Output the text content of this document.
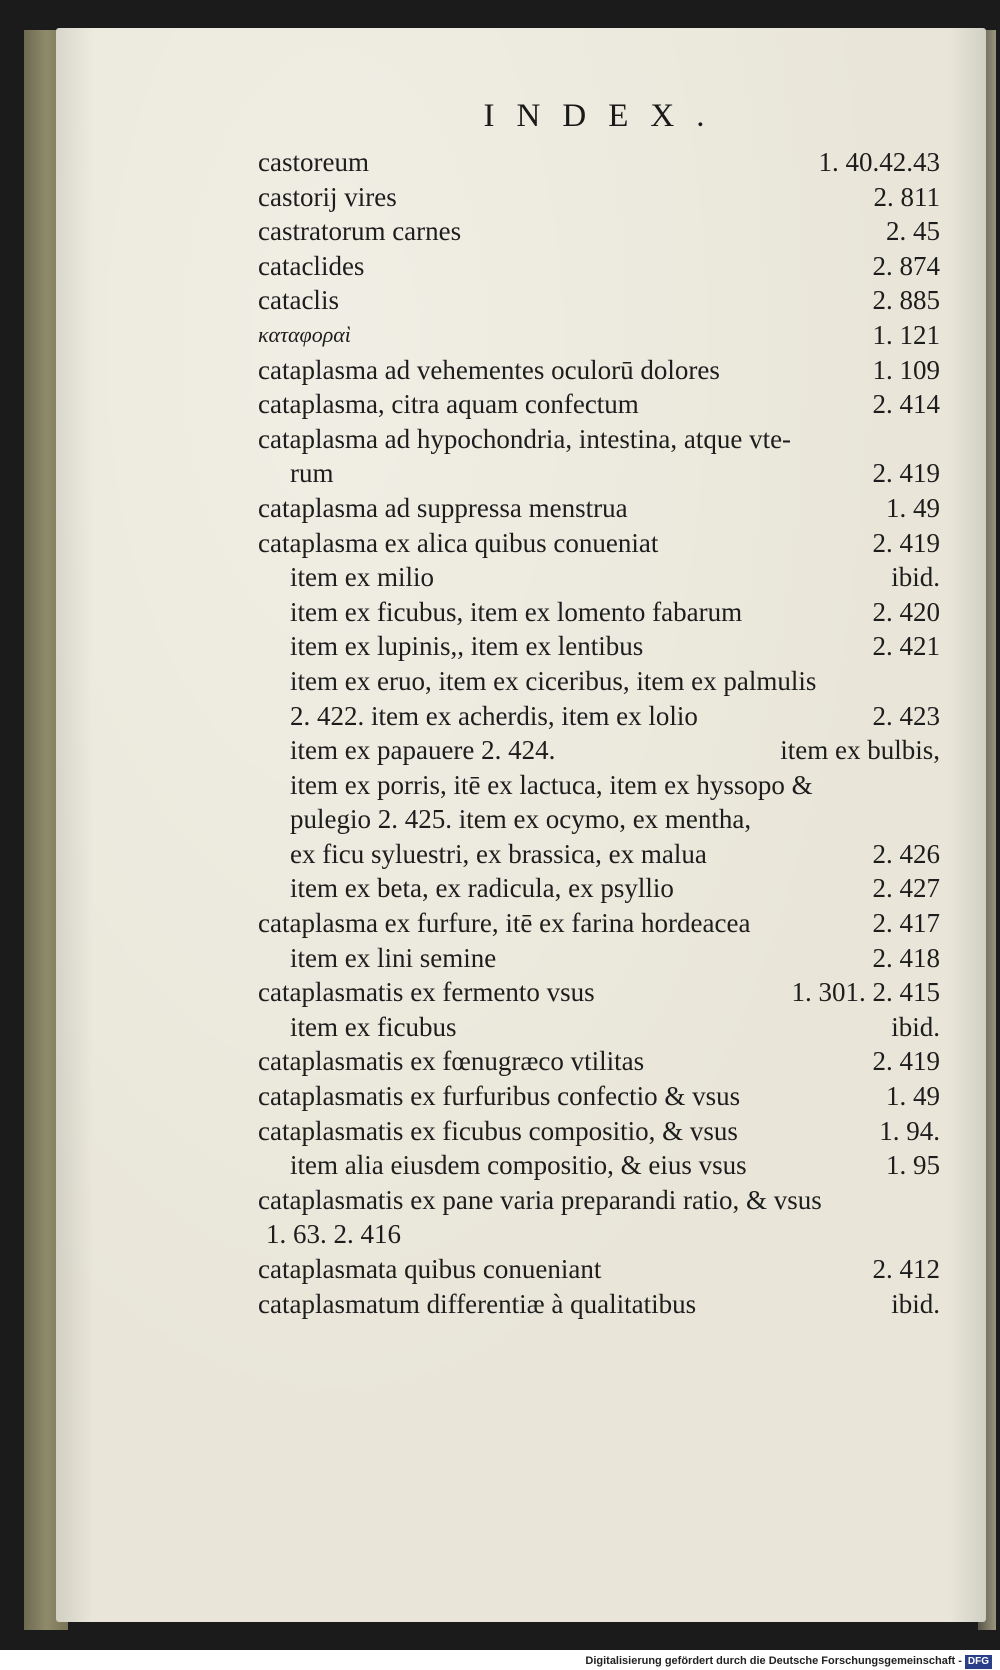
INDEX.
castoreum	1. 40.42.43
castorij vires	2. 811
castratorum carnes	2. 45
cataclides	2. 874
cataclis	2. 885
καταφοραὶ	1. 121
cataplasma ad vehementes oculorū dolores	1. 109
cataplasma, citra aquam confectum	2. 414
cataplasma ad hypochondria, intestina, atque vte-
rum	2. 419
cataplasma ad suppressa menstrua	1. 49
cataplasma ex alica quibus conueniat	2. 419
item ex milio	ibid.
item ex ficubus, item ex lomento fabarum	2. 420
item ex lupinis,, item ex lentibus	2. 421
item ex eruo, item ex ciceribus, item ex palmulis
2. 422. item ex acherdis, item ex lolio	2. 423
item ex papauere 2. 424.	item ex bulbis,
item ex porris, itē ex lactuca, item ex hyssopo &
pulegio 2. 425. item ex ocymo, ex mentha,
ex ficu syluestri, ex brassica, ex malua	2. 426
item ex beta, ex radicula, ex psyllio	2. 427
cataplasma ex furfure, itē ex farina hordeacea	2. 417
item ex lini semine	2. 418
cataplasmatis ex fermento vsus	1. 301. 2. 415
item ex ficubus	ibid.
cataplasmatis ex fœnugræco vtilitas	2. 419
cataplasmatis ex furfuribus confectio & vsus	1. 49
cataplasmatis ex ficubus compositio, & vsus	1. 94.
item alia eiusdem compositio, & eius vsus	1. 95
cataplasmatis ex pane varia preparandi ratio, & vsus
1. 63. 2. 416
cataplasmata quibus conueniant	2. 412
cataplasmatum differentiæ à qualitatibus	ibid.
Digitalisierung gefördert durch die Deutsche Forschungsgemeinschaft - DFG
